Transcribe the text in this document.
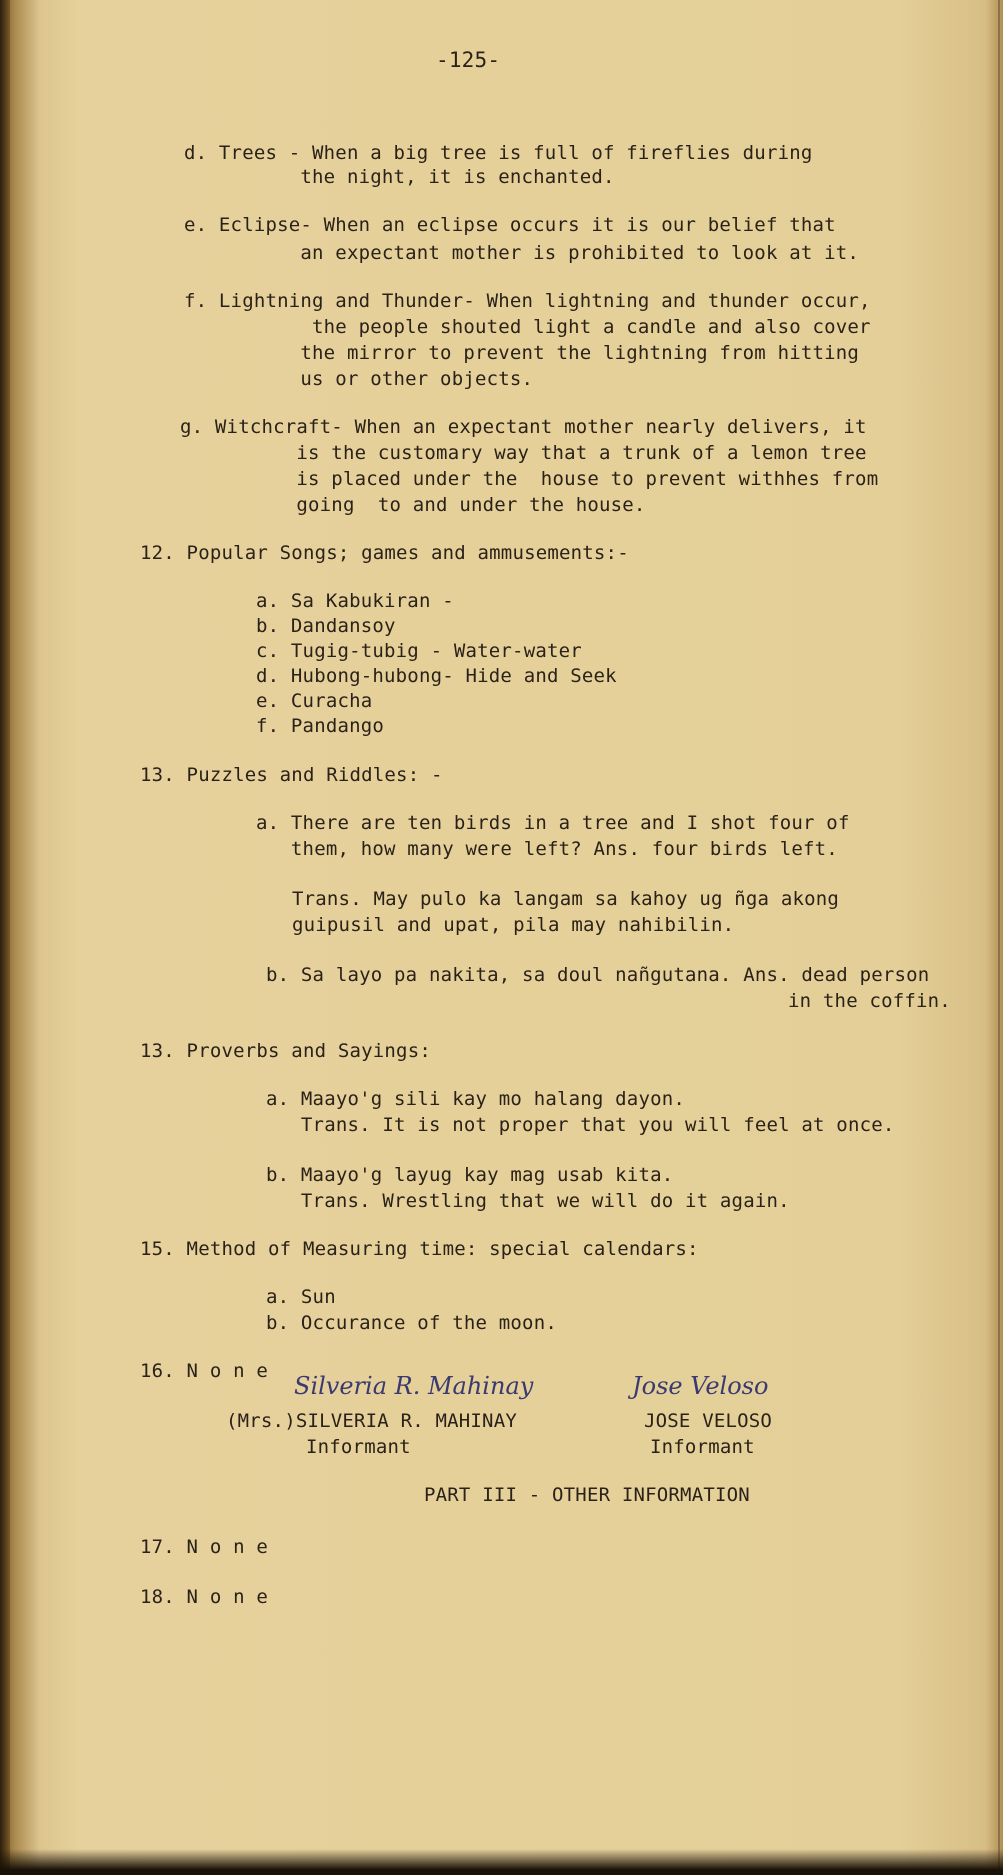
-125-
d. Trees - When a big tree is full of fireflies during
the night, it is enchanted.
e. Eclipse- When an eclipse occurs it is our belief that
an expectant mother is prohibited to look at it.
f. Lightning and Thunder- When lightning and thunder occur,
the people shouted light a candle and also cover
the mirror to prevent the lightning from hitting
us or other objects.
g. Witchcraft- When an expectant mother nearly delivers, it
is the customary way that a trunk of a lemon tree
is placed under the  house to prevent withhes from
going  to and under the house.
12. Popular Songs; games and ammusements:-
a. Sa Kabukiran -
b. Dandansoy
c. Tugig-tubig - Water-water
d. Hubong-hubong- Hide and Seek
e. Curacha
f. Pandango
13. Puzzles and Riddles: -
a. There are ten birds in a tree and I shot four of
them, how many were left? Ans. four birds left.
Trans. May pulo ka langam sa kahoy ug ñga akong
guipusil and upat, pila may nahibilin.
b. Sa layo pa nakita, sa doul nañgutana. Ans. dead person
in the coffin.
13. Proverbs and Sayings:
a. Maayo'g sili kay mo halang dayon.
Trans. It is not proper that you will feel at once.
b. Maayo'g layug kay mag usab kita.
Trans. Wrestling that we will do it again.
15. Method of Measuring time: special calendars:
a. Sun
b. Occurance of the moon.
16. N o n e
Silveria R. Mahinay	Jose Veloso
(Mrs.)SILVERIA R. MAHINAY	JOSE VELOSO
Informant	Informant
PART III - OTHER INFORMATION
17. N o n e
18. N o n e
